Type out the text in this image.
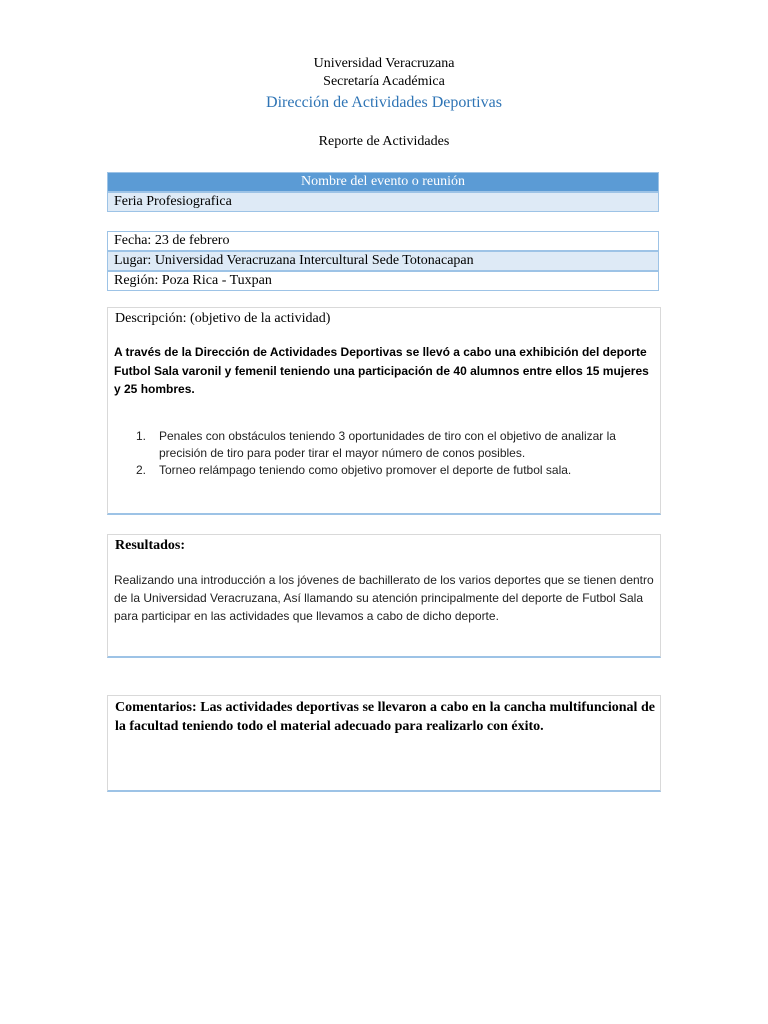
Universidad Veracruzana
Secretaría Académica
Dirección de Actividades Deportivas
Reporte de Actividades
Nombre del evento o reunión
Feria Profesiografica
Fecha: 23 de febrero
Lugar: Universidad Veracruzana Intercultural Sede Totonacapan
Región: Poza Rica - Tuxpan
Descripción: (objetivo de la actividad)
A través de la Dirección de Actividades Deportivas se llevó a cabo una exhibición del deporte Futbol Sala varonil y femenil teniendo una participación de 40 alumnos entre ellos 15 mujeres y 25 hombres.
1. Penales con obstáculos teniendo 3 oportunidades de tiro con el objetivo de analizar la precisión de tiro para poder tirar el mayor número de conos posibles.
2. Torneo relámpago teniendo como objetivo promover el deporte de futbol sala.
Resultados:
Realizando una introducción a los jóvenes de bachillerato de los varios deportes que se tienen dentro de la Universidad Veracruzana, Así llamando su atención principalmente del deporte de Futbol Sala para participar en las actividades que llevamos a cabo de dicho deporte.
Comentarios: Las actividades deportivas se llevaron a cabo en la cancha multifuncional de la facultad teniendo todo el material adecuado para realizarlo con éxito.
